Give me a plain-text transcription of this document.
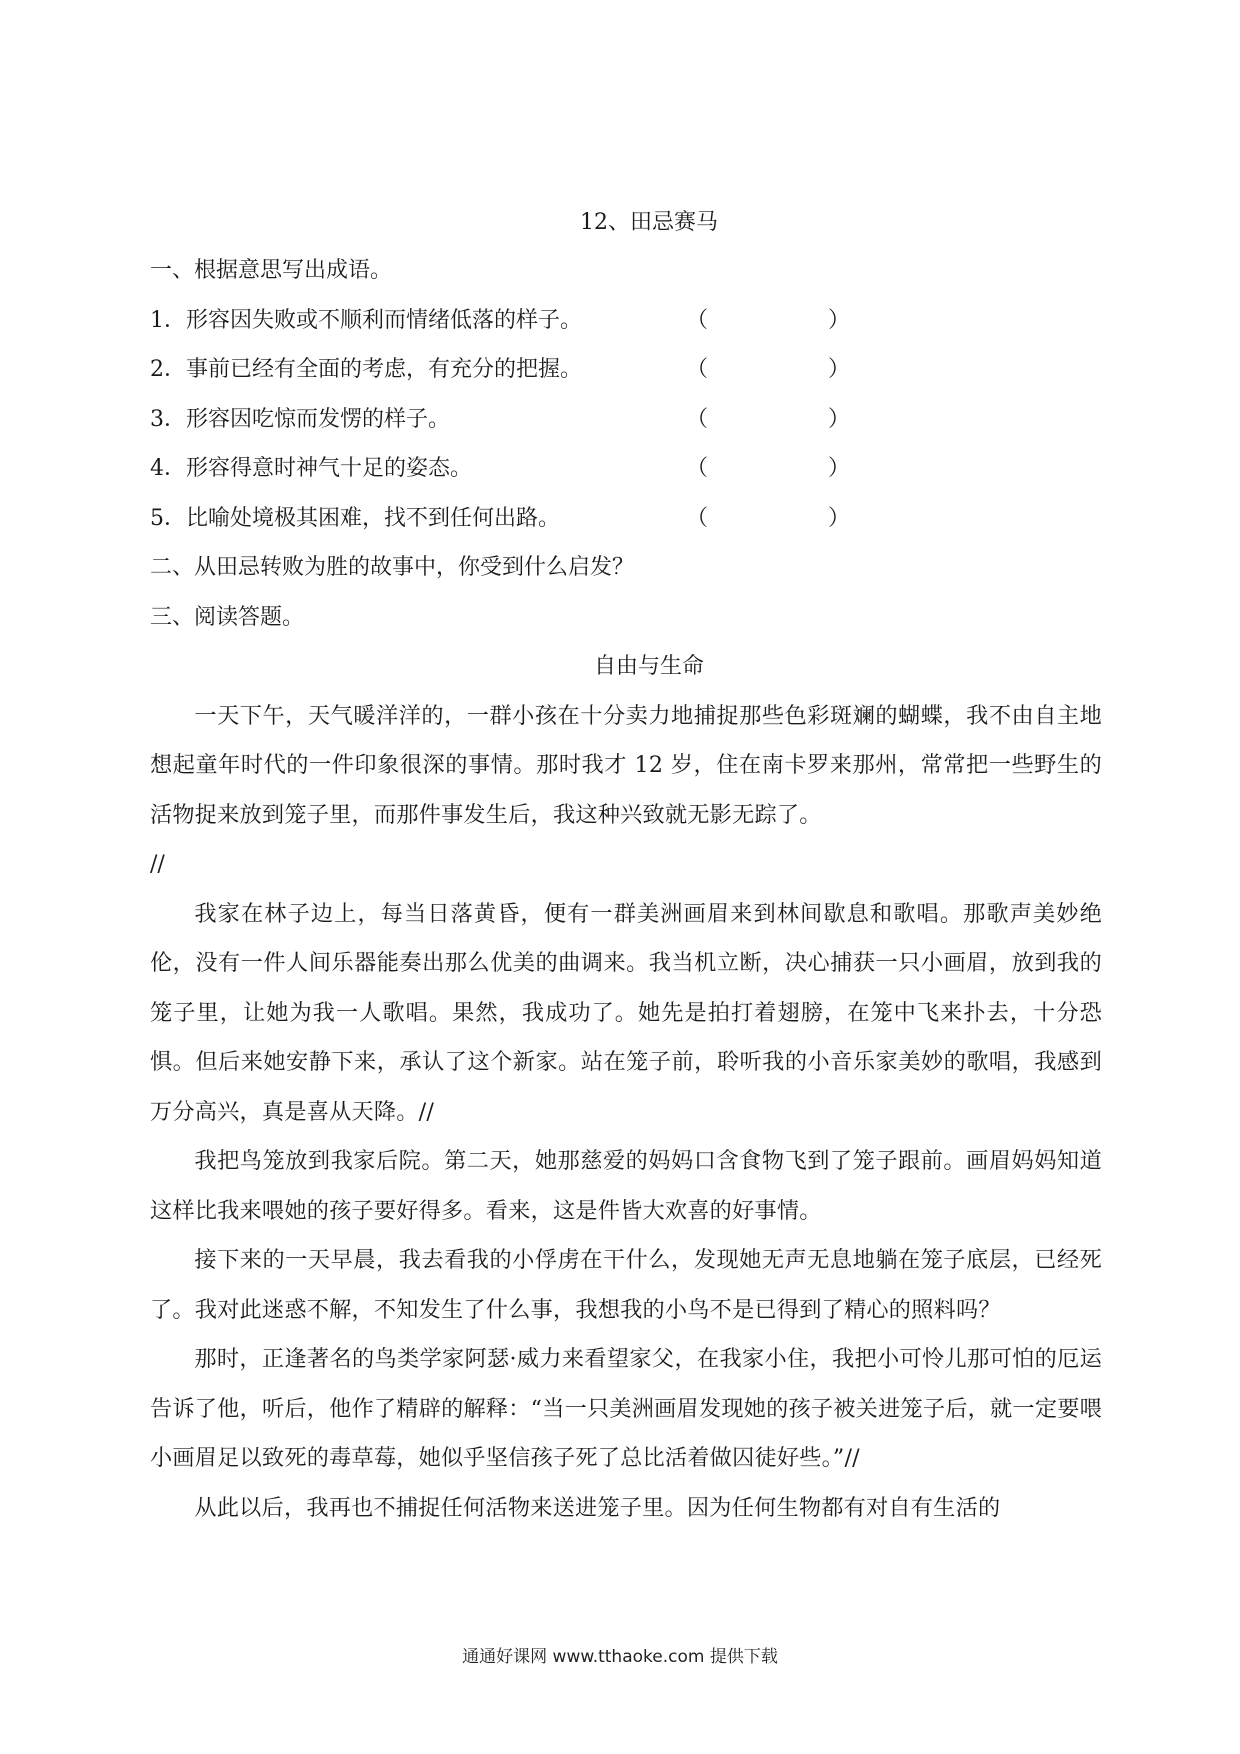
12、田忌赛马
一、根据意思写出成语。
1．形容因失败或不顺利而情绪低落的样子。	（	）
2．事前已经有全面的考虑，有充分的把握。	（	）
3．形容因吃惊而发愣的样子。	（	）
4．形容得意时神气十足的姿态。	（	）
5．比喻处境极其困难，找不到任何出路。	（	）
二、从田忌转败为胜的故事中，你受到什么启发？
三、阅读答题。
自由与生命

一天下午，天气暖洋洋的，一群小孩在十分卖力地捕捉那些色彩斑斓的蝴蝶，我不由自主地想起童年时代的一件印象很深的事情。那时我才 12 岁，住在南卡罗来那州，常常把一些野生的活物捉来放到笼子里，而那件事发生后，我这种兴致就无影无踪了。

//

我家在林子边上，每当日落黄昏，便有一群美洲画眉来到林间歇息和歌唱。那歌声美妙绝伦，没有一件人间乐器能奏出那么优美的曲调来。我当机立断，决心捕获一只小画眉，放到我的笼子里，让她为我一人歌唱。果然，我成功了。她先是拍打着翅膀，在笼中飞来扑去，十分恐惧。但后来她安静下来，承认了这个新家。站在笼子前，聆听我的小音乐家美妙的歌唱，我感到万分高兴，真是喜从天降。//

我把鸟笼放到我家后院。第二天，她那慈爱的妈妈口含食物飞到了笼子跟前。画眉妈妈知道这样比我来喂她的孩子要好得多。看来，这是件皆大欢喜的好事情。

接下来的一天早晨，我去看我的小俘虏在干什么，发现她无声无息地躺在笼子底层，已经死了。我对此迷惑不解，不知发生了什么事，我想我的小鸟不是已得到了精心的照料吗？

那时，正逢著名的鸟类学家阿瑟·威力来看望家父，在我家小住，我把小可怜儿那可怕的厄运告诉了他，听后，他作了精辟的解释：“当一只美洲画眉发现她的孩子被关进笼子后，就一定要喂小画眉足以致死的毒草莓，她似乎坚信孩子死了总比活着做囚徒好些。”//

从此以后，我再也不捕捉任何活物来送进笼子里。因为任何生物都有对自有生活的

通通好课网 www.tthaoke.com 提供下载
